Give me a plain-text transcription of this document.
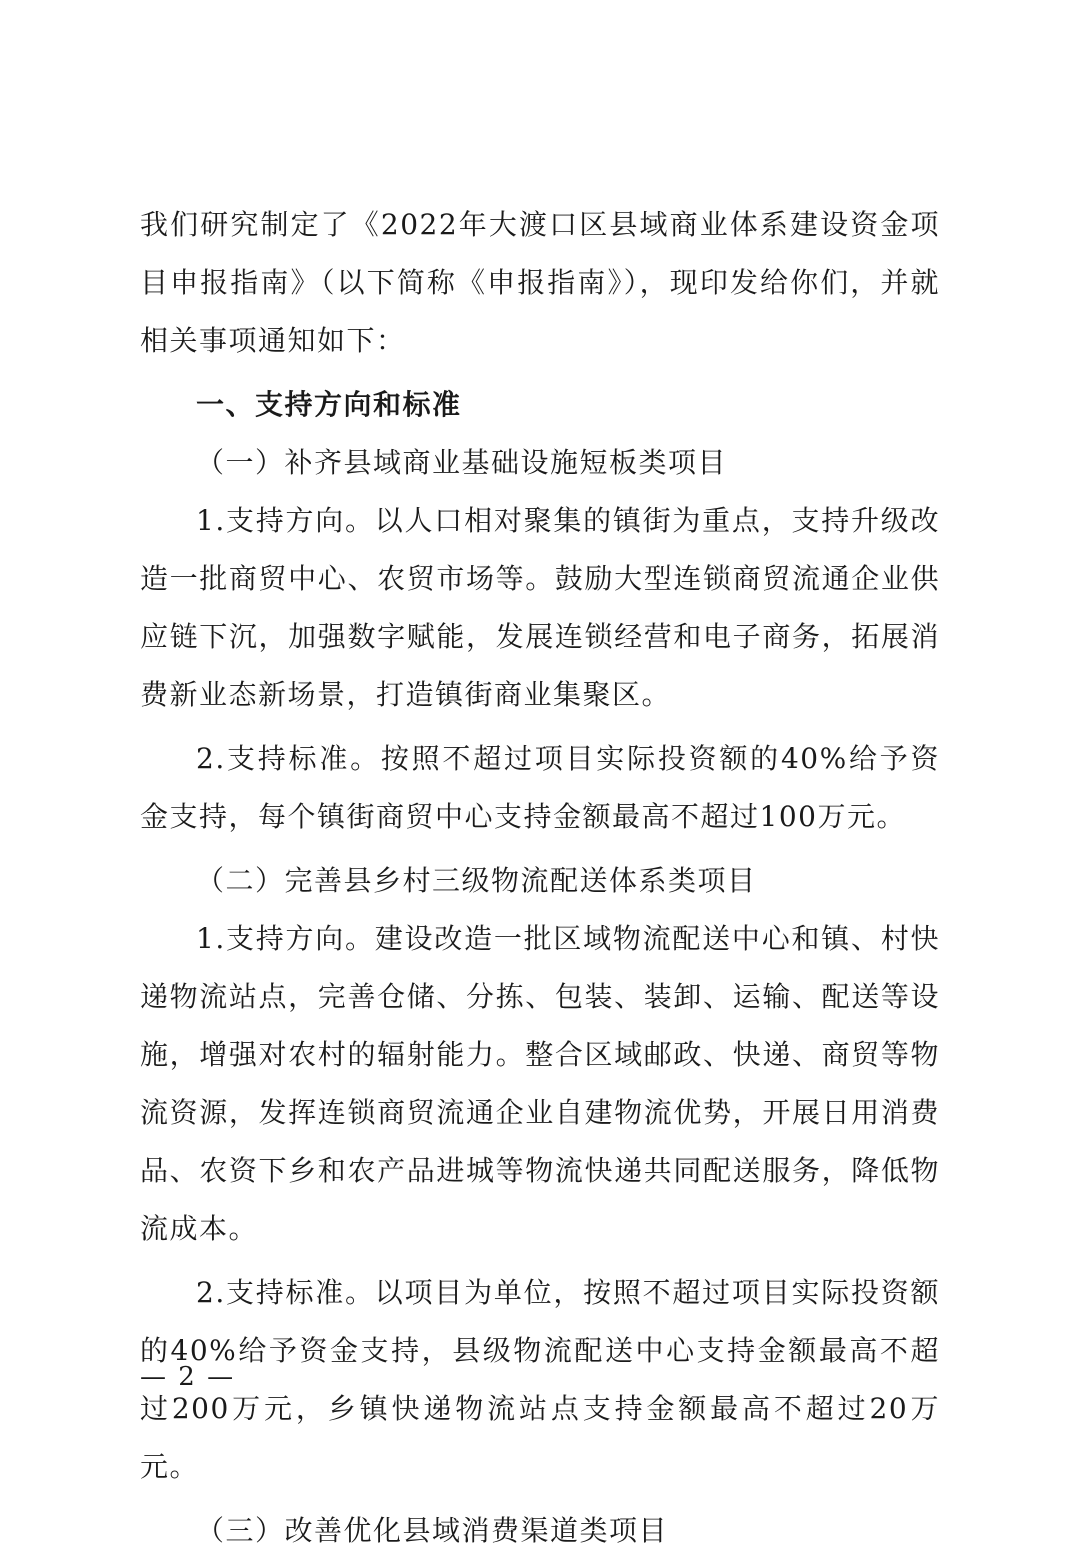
我们研究制定了《2022年大渡口区县域商业体系建设资金项目申报指南》（以下简称《申报指南》），现印发给你们，并就相关事项通知如下：

一、支持方向和标准

（一）补齐县域商业基础设施短板类项目

1.支持方向。以人口相对聚集的镇街为重点，支持升级改造一批商贸中心、农贸市场等。鼓励大型连锁商贸流通企业供应链下沉，加强数字赋能，发展连锁经营和电子商务，拓展消费新业态新场景，打造镇街商业集聚区。

2.支持标准。按照不超过项目实际投资额的40%给予资金支持，每个镇街商贸中心支持金额最高不超过100万元。

（二）完善县乡村三级物流配送体系类项目

1.支持方向。建设改造一批区域物流配送中心和镇、村快递物流站点，完善仓储、分拣、包装、装卸、运输、配送等设施，增强对农村的辐射能力。整合区域邮政、快递、商贸等物流资源，发挥连锁商贸流通企业自建物流优势，开展日用消费品、农资下乡和农产品进城等物流快递共同配送服务，降低物流成本。

2.支持标准。以项目为单位，按照不超过项目实际投资额的40%给予资金支持，县级物流配送中心支持金额最高不超过200万元，乡镇快递物流站点支持金额最高不超过20万元。

（三）改善优化县域消费渠道类项目

— 2 —
